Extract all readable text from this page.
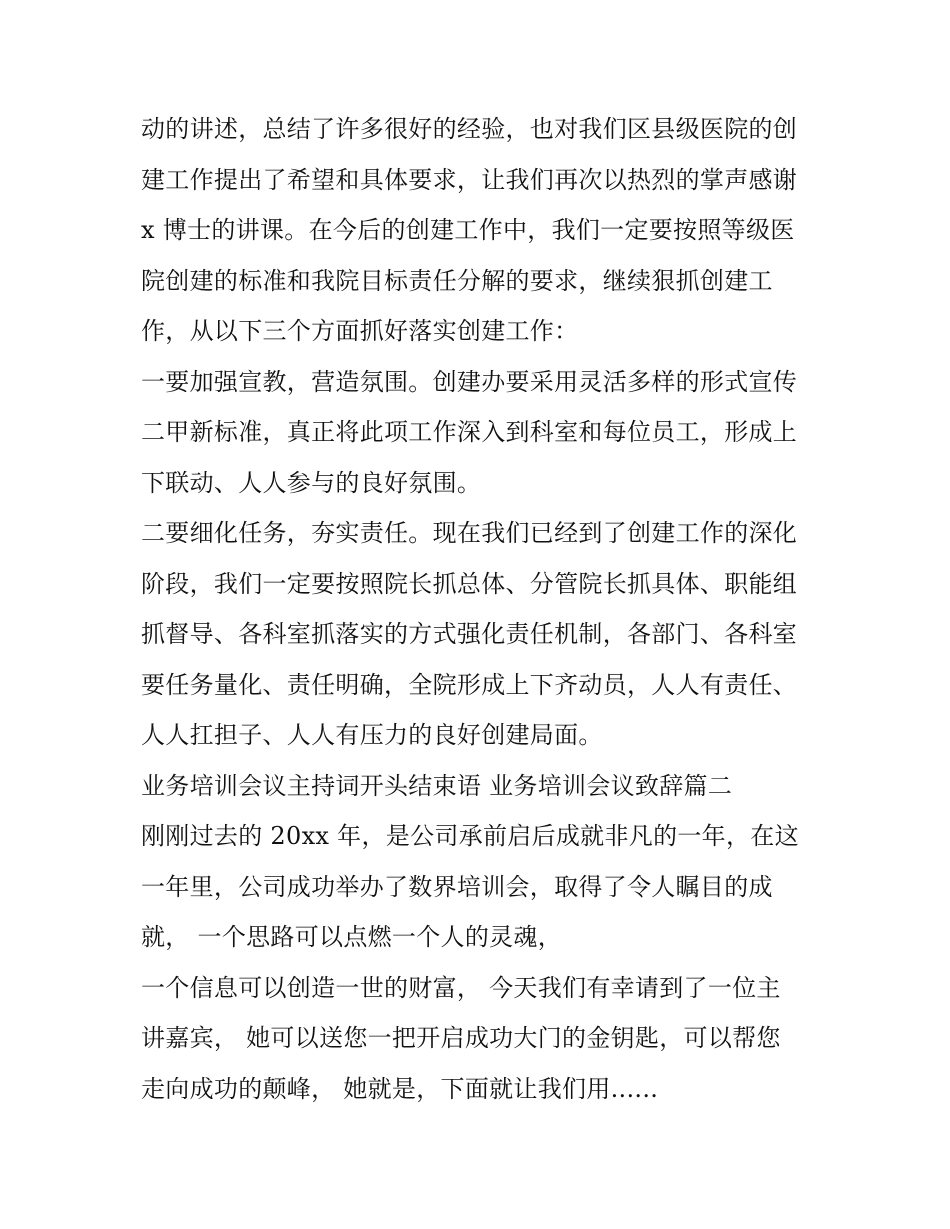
动的讲述，总结了许多很好的经验，也对我们区县级医院的创
建工作提出了希望和具体要求，让我们再次以热烈的掌声感谢
x 博士的讲课。在今后的创建工作中，我们一定要按照等级医
院创建的标准和我院目标责任分解的要求，继续狠抓创建工
作，从以下三个方面抓好落实创建工作：
一要加强宣教，营造氛围。创建办要采用灵活多样的形式宣传
二甲新标准，真正将此项工作深入到科室和每位员工，形成上
下联动、人人参与的良好氛围。
二要细化任务，夯实责任。现在我们已经到了创建工作的深化
阶段，我们一定要按照院长抓总体、分管院长抓具体、职能组
抓督导、各科室抓落实的方式强化责任机制，各部门、各科室
要任务量化、责任明确，全院形成上下齐动员，人人有责任、
人人扛担子、人人有压力的良好创建局面。
业务培训会议主持词开头结束语 业务培训会议致辞篇二
刚刚过去的 20xx 年，是公司承前启后成就非凡的一年，在这
一年里，公司成功举办了数界培训会，取得了令人瞩目的成
就， 一个思路可以点燃一个人的灵魂，
一个信息可以创造一世的财富， 今天我们有幸请到了一位主
讲嘉宾， 她可以送您一把开启成功大门的金钥匙，可以帮您
走向成功的颠峰， 她就是，下面就让我们用......
